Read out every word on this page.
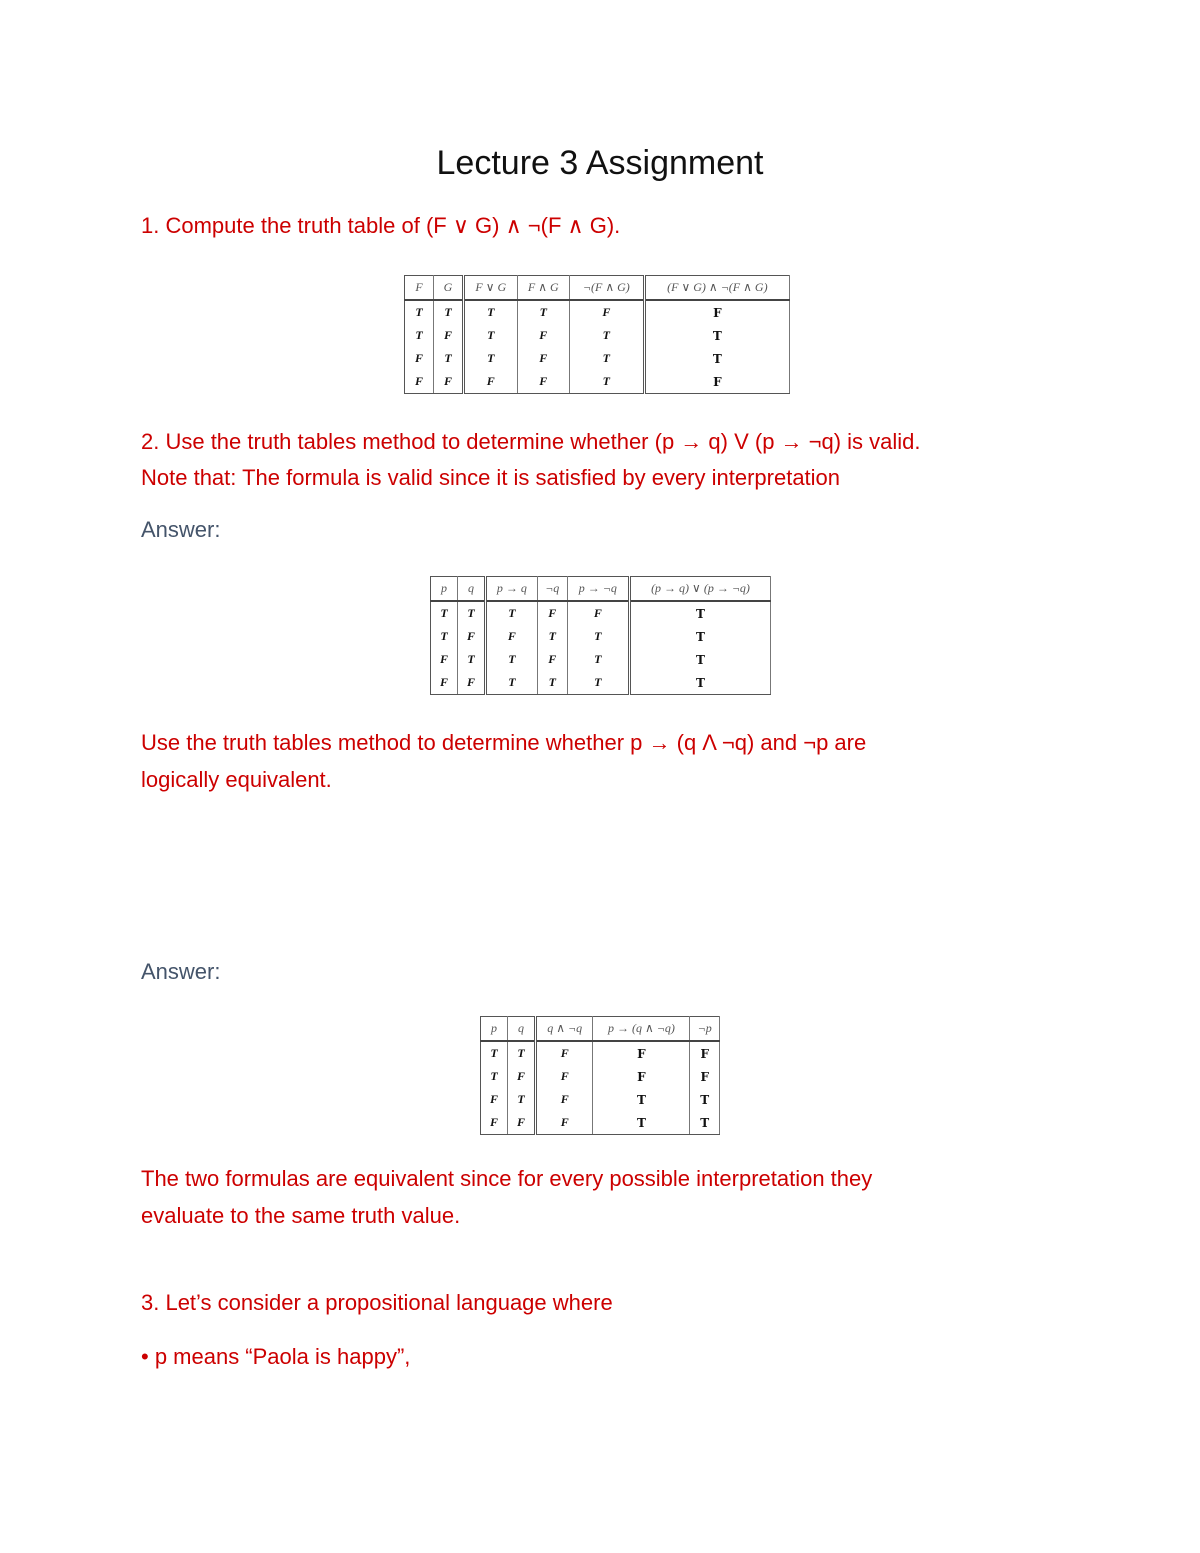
Lecture 3 Assignment
1. Compute the truth table of (F ∨ G) ∧ ¬(F ∧ G).
F	G	F ∨ G	F ∧ G	¬(F ∧ G)	(F ∨ G) ∧ ¬(F ∧ G)
T	T	T	T	F	F
T	F	T	F	T	T
F	T	T	F	T	T
F	F	F	F	T	F
2. Use the truth tables method to determine whether (p → q) V (p → ¬q) is valid.
Note that: The formula is valid since it is satisfied by every interpretation
Answer:
p	q	p → q	¬q	p → ¬q	(p → q) ∨ (p → ¬q)
T	T	T	F	F	T
T	F	F	T	T	T
F	T	T	F	T	T
F	F	T	T	T	T
Use the truth tables method to determine whether p → (q Λ ¬q) and ¬p are
logically equivalent.
Answer:
p	q	q ∧ ¬q	p → (q ∧ ¬q)	¬p
T	T	F	F	F
T	F	F	F	F
F	T	F	T	T
F	F	F	T	T
The two formulas are equivalent since for every possible interpretation they
evaluate to the same truth value.
3. Let’s consider a propositional language where
• p means “Paola is happy”,
